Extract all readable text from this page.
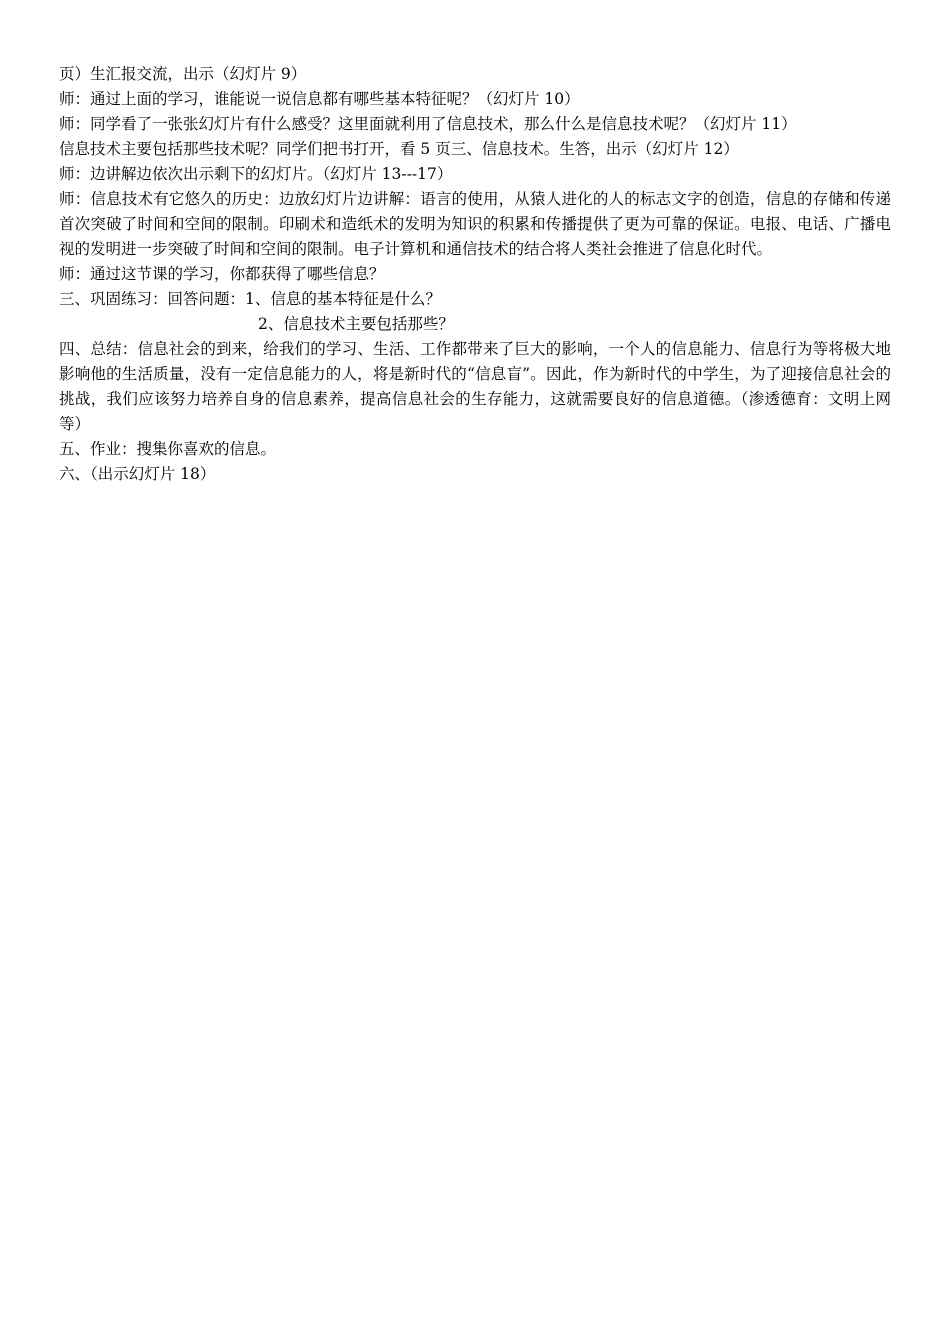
页）生汇报交流，出示（幻灯片 9）

师：通过上面的学习，谁能说一说信息都有哪些基本特征呢？（幻灯片 10）

师：同学看了一张张幻灯片有什么感受？这里面就利用了信息技术，那么什么是信息技术呢？（幻灯片 11）

信息技术主要包括那些技术呢？同学们把书打开，看 5 页三、信息技术。生答，出示（幻灯片 12）

师：边讲解边依次出示剩下的幻灯片。（幻灯片 13---17）

师：信息技术有它悠久的历史：边放幻灯片边讲解：语言的使用，从猿人进化的人的标志文字的创造，信息的存储和传递首次突破了时间和空间的限制。印刷术和造纸术的发明为知识的积累和传播提供了更为可靠的保证。电报、电话、广播电视的发明进一步突破了时间和空间的限制。电子计算机和通信技术的结合将人类社会推进了信息化时代。

师：通过这节课的学习，你都获得了哪些信息？

三、巩固练习：回答问题：1、信息的基本特征是什么？

2、信息技术主要包括那些？

四、总结：信息社会的到来，给我们的学习、生活、工作都带来了巨大的影响，一个人的信息能力、信息行为等将极大地影响他的生活质量，没有一定信息能力的人，将是新时代的“信息盲”。因此，作为新时代的中学生，为了迎接信息社会的挑战，我们应该努力培养自身的信息素养，提高信息社会的生存能力，这就需要良好的信息道德。（渗透德育：文明上网等）

五、作业：搜集你喜欢的信息。

六、（出示幻灯片 18）
